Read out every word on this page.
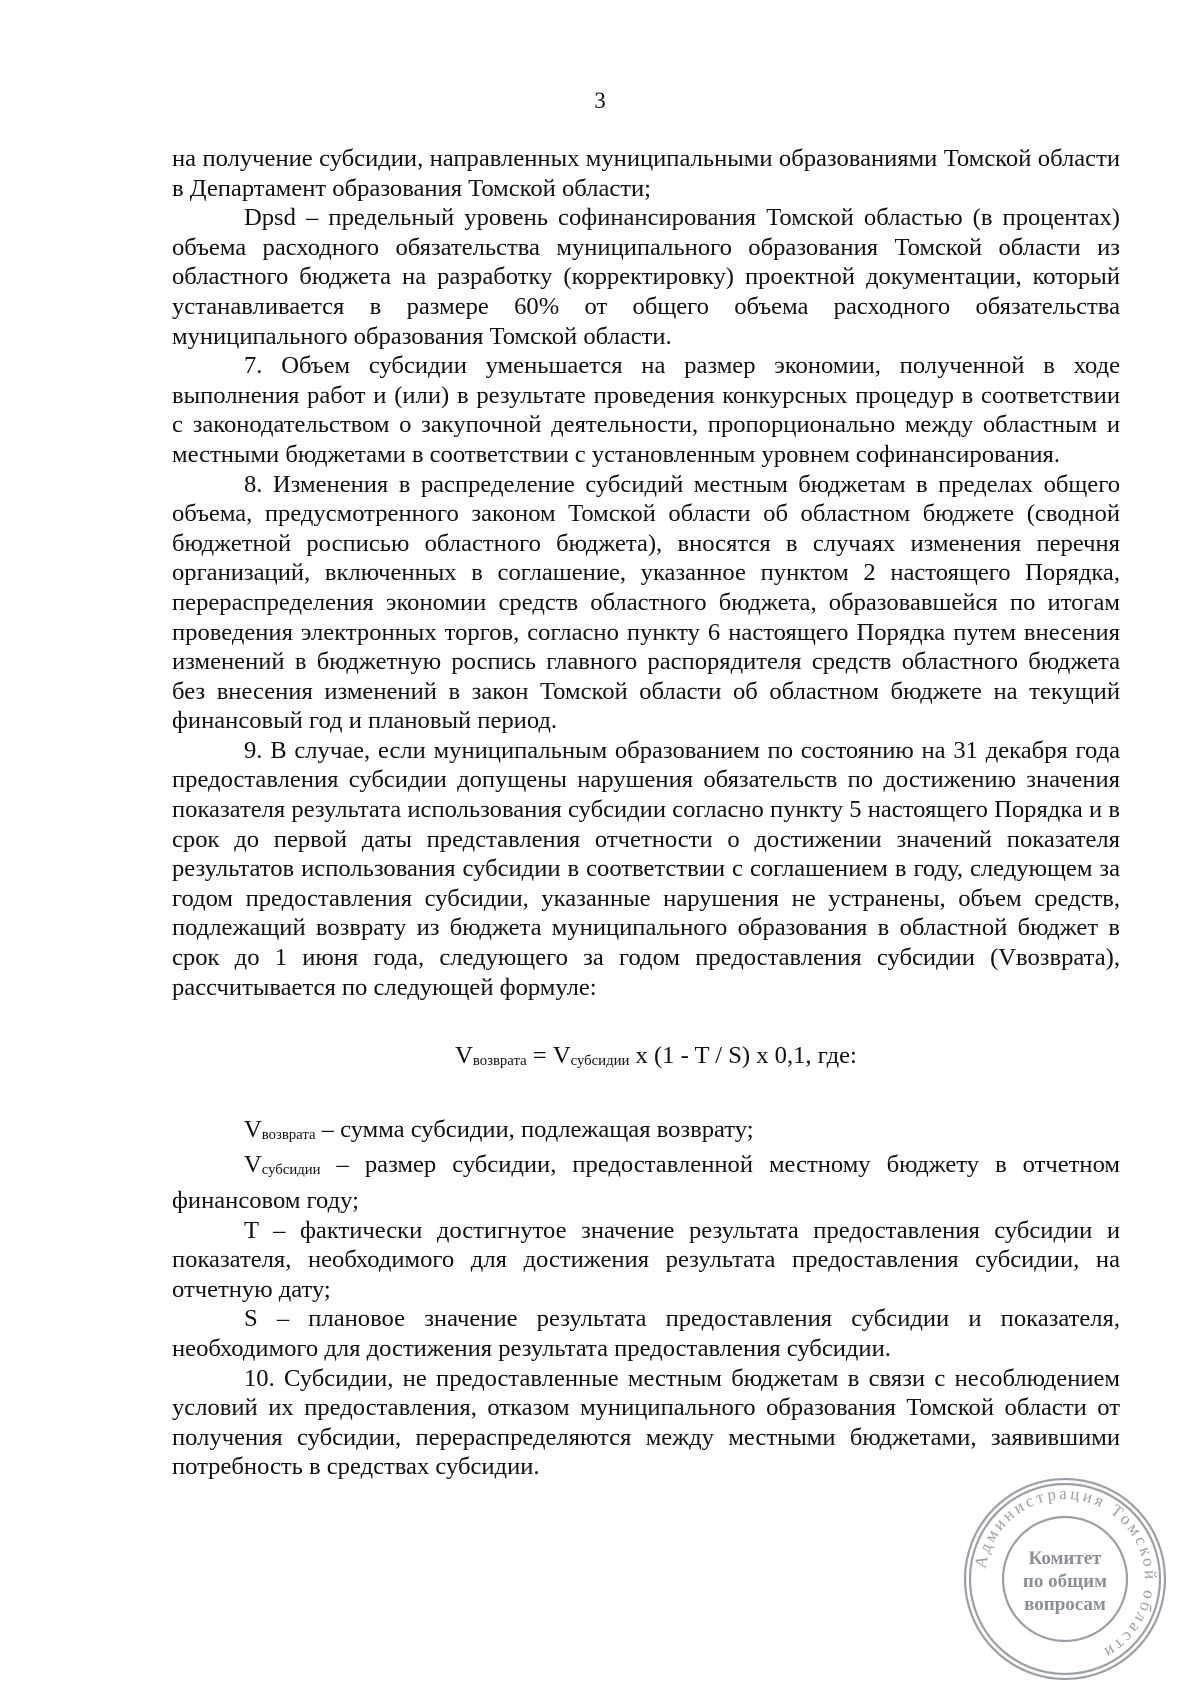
3

на получение субсидии, направленных муниципальными образованиями Томской области в Департамент образования Томской области;

Dpsd – предельный уровень софинансирования Томской областью (в процентах) объема расходного обязательства муниципального образования Томской области из областного бюджета на разработку (корректировку) проектной документации, который устанавливается в размере 60% от общего объема расходного обязательства муниципального образования Томской области.

7. Объем субсидии уменьшается на размер экономии, полученной в ходе выполнения работ и (или) в результате проведения конкурсных процедур в соответствии с законодательством о закупочной деятельности, пропорционально между областным и местными бюджетами в соответствии с установленным уровнем софинансирования.

8. Изменения в распределение субсидий местным бюджетам в пределах общего объема, предусмотренного законом Томской области об областном бюджете (сводной бюджетной росписью областного бюджета), вносятся в случаях изменения перечня организаций, включенных в соглашение, указанное пунктом 2 настоящего Порядка, перераспределения экономии средств областного бюджета, образовавшейся по итогам проведения электронных торгов, согласно пункту 6 настоящего Порядка путем внесения изменений в бюджетную роспись главного распорядителя средств областного бюджета без внесения изменений в закон Томской области об областном бюджете на текущий финансовый год и плановый период.

9. В случае, если муниципальным образованием по состоянию на 31 декабря года предоставления субсидии допущены нарушения обязательств по достижению значения показателя результата использования субсидии согласно пункту 5 настоящего Порядка и в срок до первой даты представления отчетности о достижении значений показателя результатов использования субсидии в соответствии с соглашением в году, следующем за годом предоставления субсидии, указанные нарушения не устранены, объем средств, подлежащий возврату из бюджета муниципального образования в областной бюджет в срок до 1 июня года, следующего за годом предоставления субсидии (Vвозврата), рассчитывается по следующей формуле:

$V_{возврата} = V_{субсидии}$ x (1 - T / S) x 0,1, где:

$V_{возврата}$ – сумма субсидии, подлежащая возврату;

$V_{субсидии}$ – размер субсидии, предоставленной местному бюджету в отчетном финансовом году;

T – фактически достигнутое значение результата предоставления субсидии и показателя, необходимого для достижения результата предоставления субсидии, на отчетную дату;

S – плановое значение результата предоставления субсидии и показателя, необходимого для достижения результата предоставления субсидии.

10. Субсидии, не предоставленные местным бюджетам в связи с несоблюдением условий их предоставления, отказом муниципального образования Томской области от получения субсидии, перераспределяются между местными бюджетами, заявившими потребность в средствах субсидии.

Администрация Томской области
Комитет
по общим
вопросам
